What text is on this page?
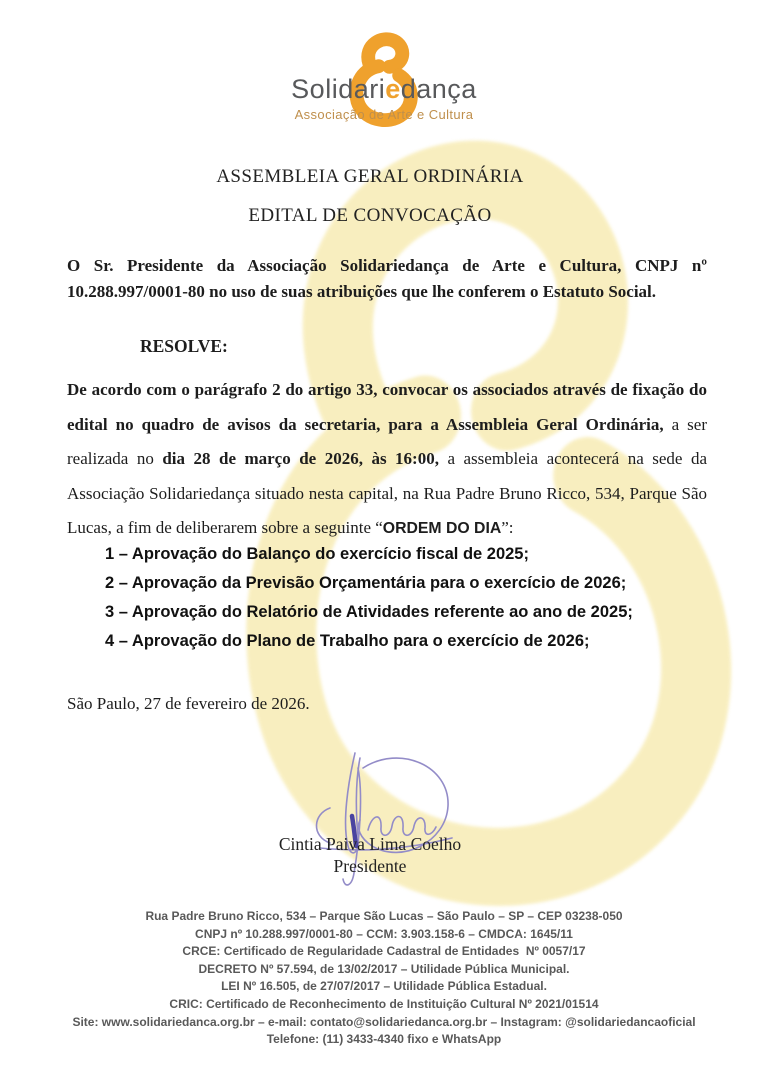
Solidariedança
Associação de Arte e Cultura
ASSEMBLEIA GERAL ORDINÁRIA
EDITAL DE CONVOCAÇÃO

O Sr. Presidente da Associação Solidariedança de Arte e Cultura, CNPJ nº 10.288.997/0001-80 no uso de suas atribuições que lhe conferem o Estatuto Social.

RESOLVE:

De acordo com o parágrafo 2 do artigo 33, convocar os associados através de fixação do edital no quadro de avisos da secretaria, para a Assembleia Geral Ordinária, a ser realizada no dia 28 de março de 2026, às 16:00, a assembleia acontecerá na sede da Associação Solidariedança situado nesta capital, na Rua Padre Bruno Ricco, 534, Parque São Lucas, a fim de deliberarem sobre a seguinte “ORDEM DO DIA”:

1 – Aprovação do Balanço do exercício fiscal de 2025;
2 – Aprovação da Previsão Orçamentária para o exercício de 2026;
3 – Aprovação do Relatório de Atividades referente ao ano de 2025;
4 – Aprovação do Plano de Trabalho para o exercício de 2026;

São Paulo, 27 de fevereiro de 2026.

Cintia Paiva Lima Coelho
Presidente
Rua Padre Bruno Ricco, 534 – Parque São Lucas – São Paulo – SP – CEP 03238-050
CNPJ nº 10.288.997/0001-80 – CCM: 3.903.158-6 – CMDCA: 1645/11
CRCE: Certificado de Regularidade Cadastral de Entidades  Nº 0057/17
DECRETO Nº 57.594, de 13/02/2017 – Utilidade Pública Municipal.
LEI Nº 16.505, de 27/07/2017 – Utilidade Pública Estadual.
CRIC: Certificado de Reconhecimento de Instituição Cultural Nº 2021/01514
Site: www.solidariedanca.org.br – e-mail: contato@solidariedanca.org.br – Instagram: @solidariedancaoficial
Telefone: (11) 3433-4340 fixo e WhatsApp
